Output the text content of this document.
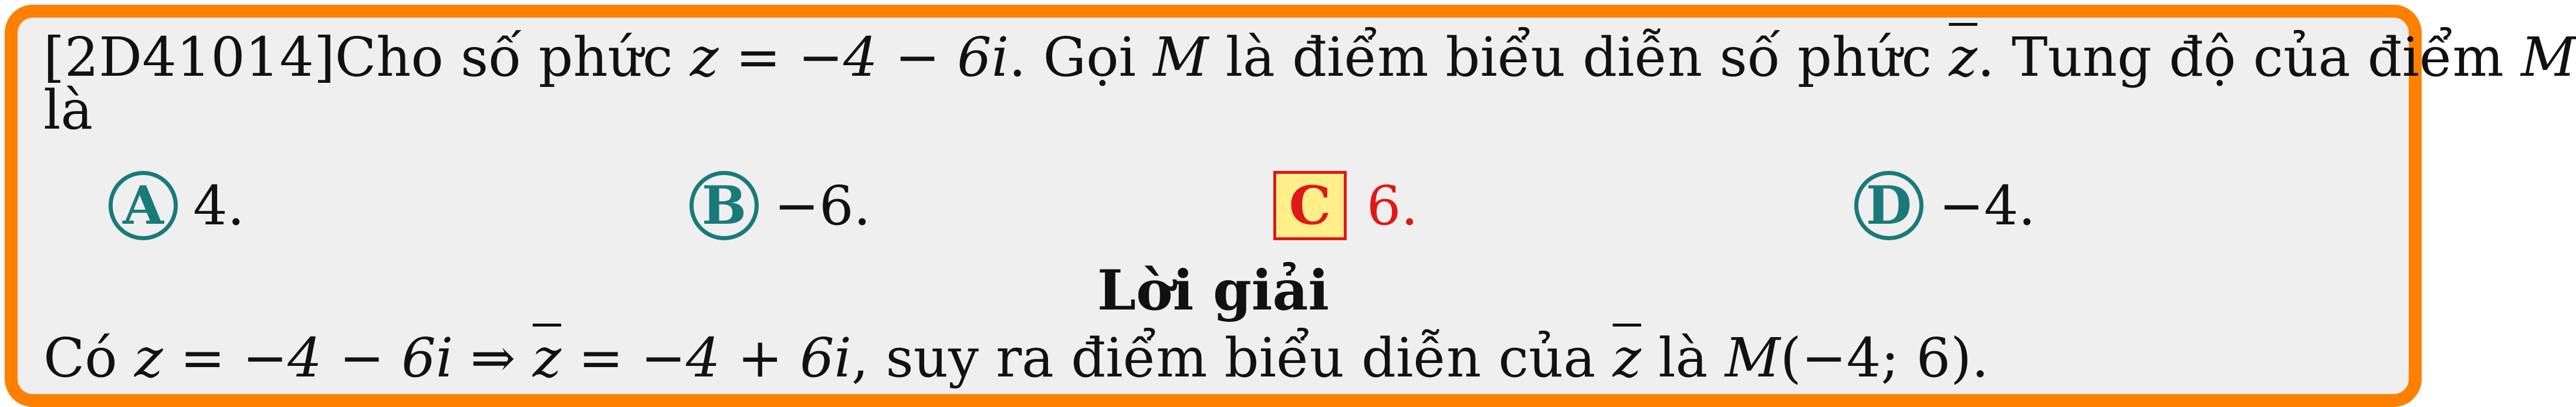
[2D41014]Cho số phức z = −4 − 6i. Gọi M là điểm biểu diễn số phức $\overline{z}$. Tung độ của điểm M
là
A 4.	B −6.	C 6.	D −4.
Lời giải
Có z = −4 − 6i ⇒ $\overline{z} = -4 + 6i$, suy ra điểm biểu diễn của $\overline{z}$ là M(−4; 6).
